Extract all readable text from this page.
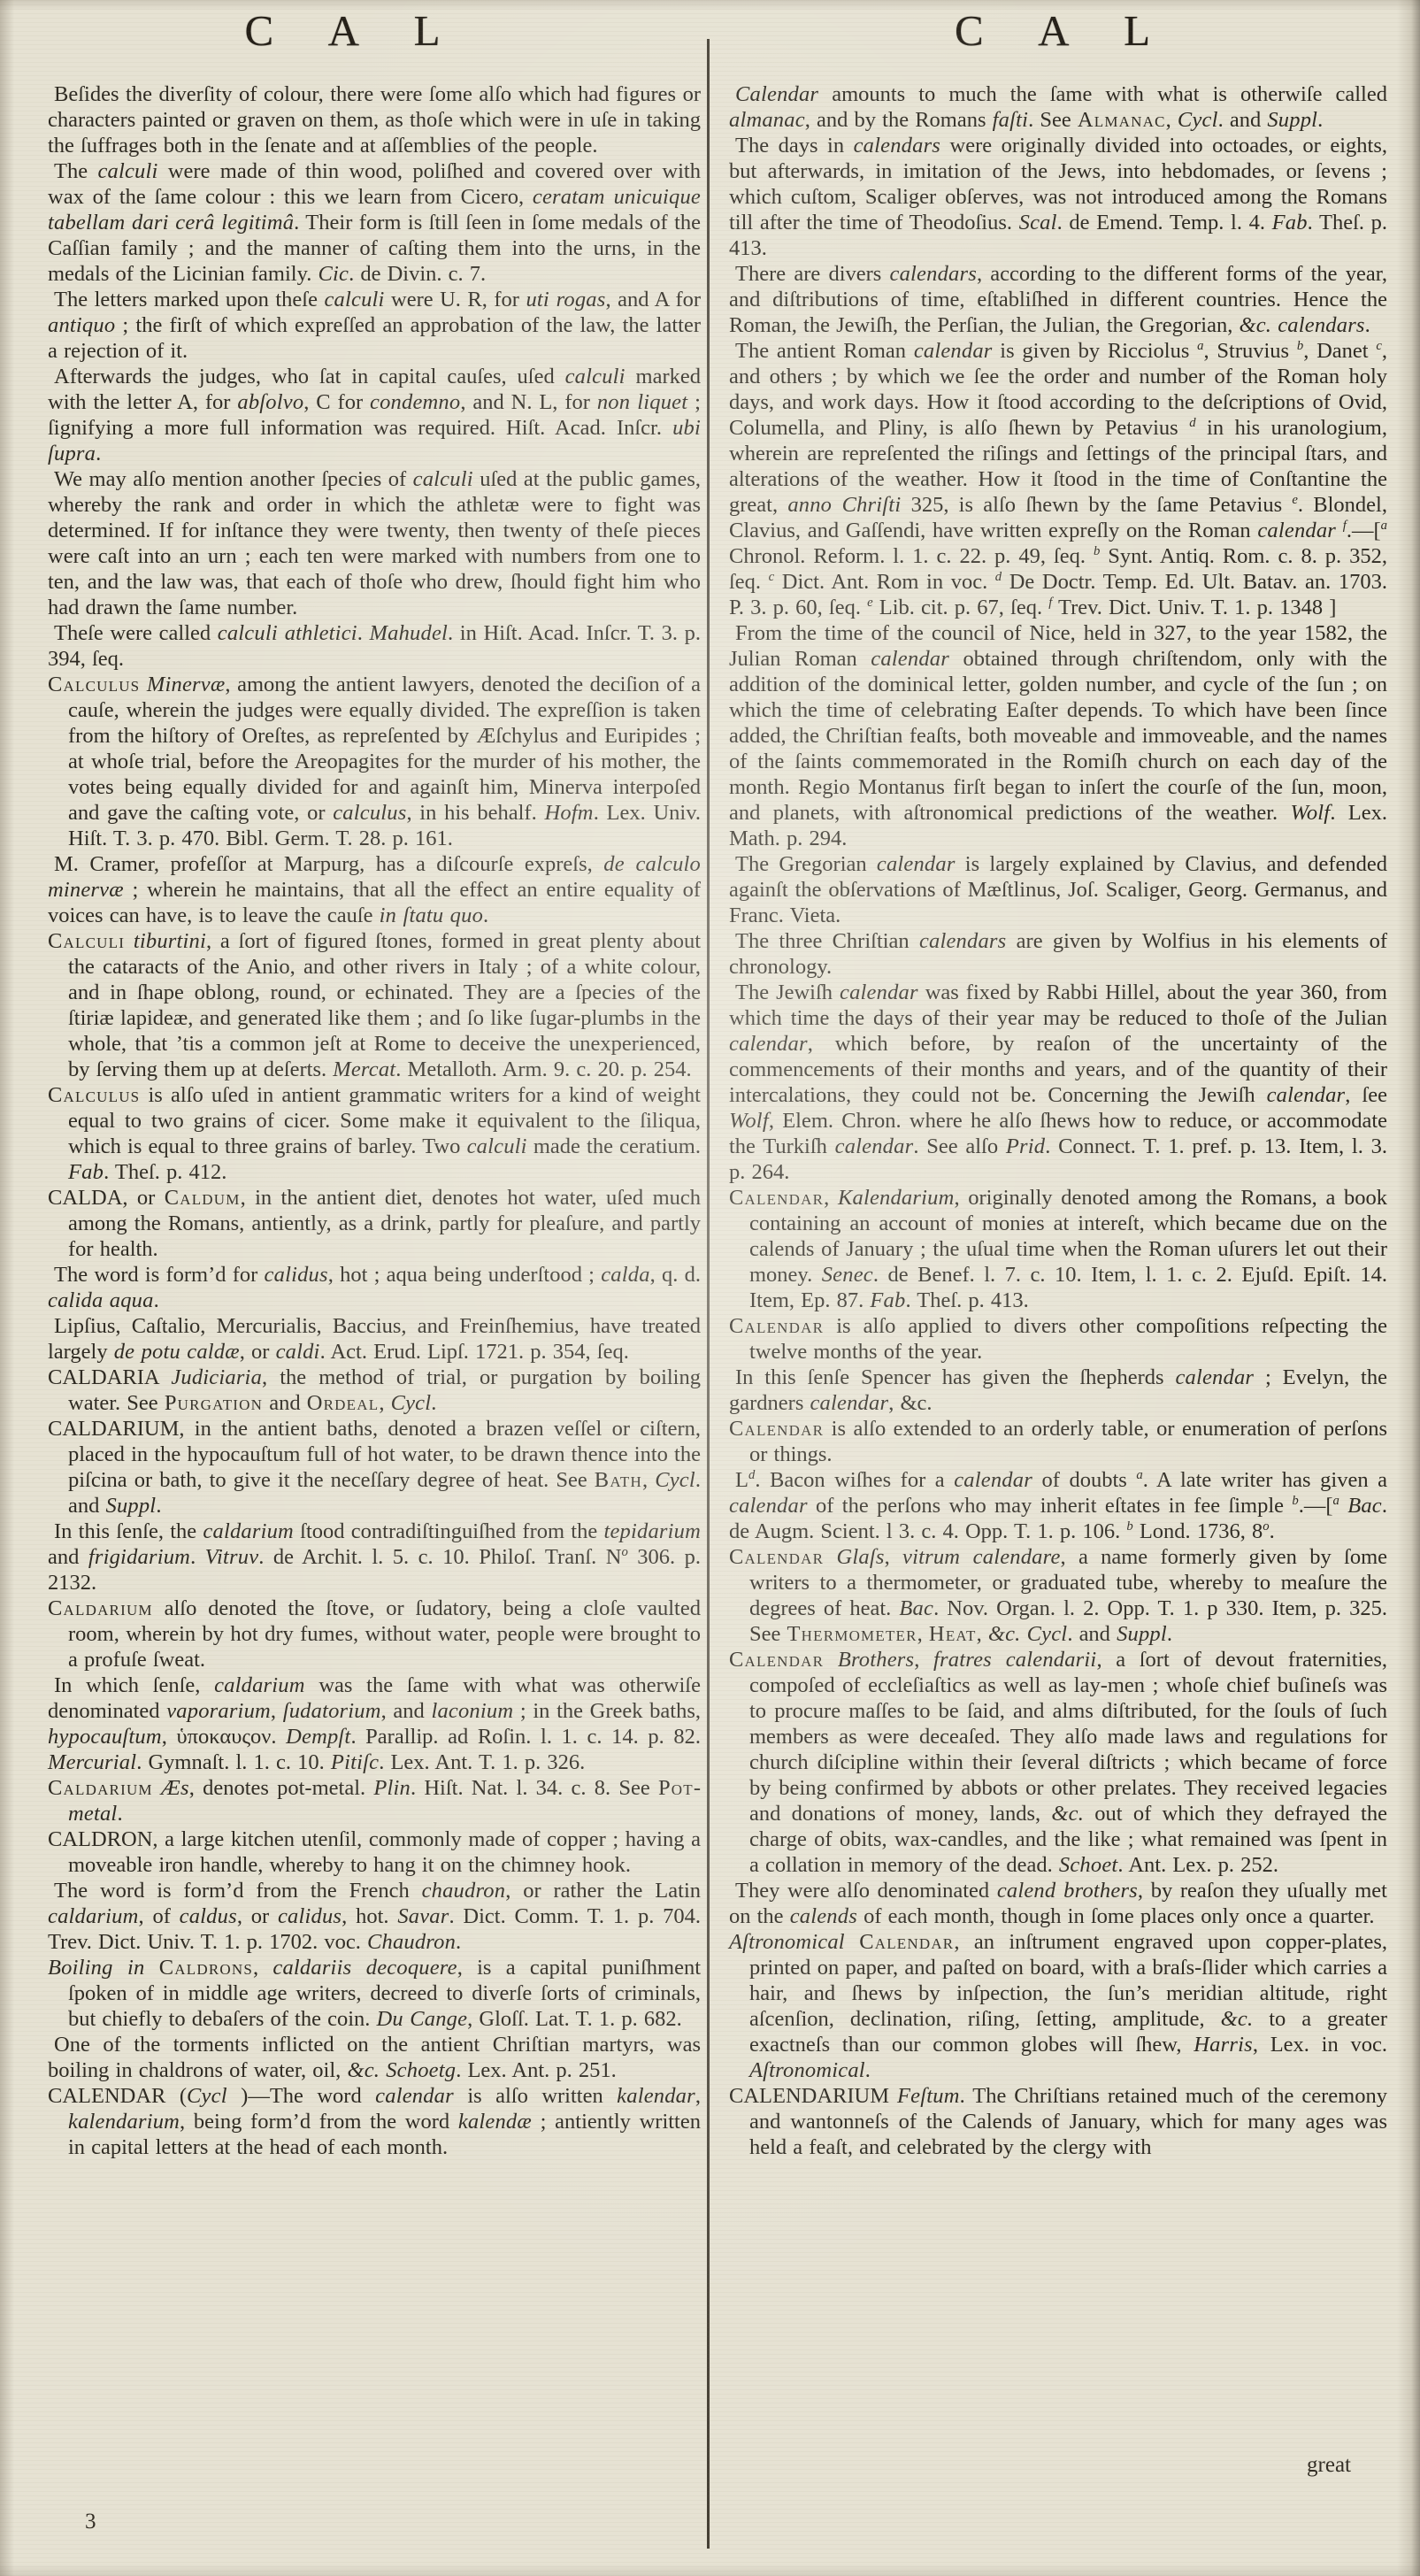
C A L	C A L

Beſides the diverſity of colour, there were ſome alſo which had figures or characters painted or graven on them, as thoſe which were in uſe in taking the ſuffrages both in the ſenate and at aſſemblies of the people.

The calculi were made of thin wood, poliſhed and covered over with wax of the ſame colour : this we learn from Cicero, ceratam unicuique tabellam dari cerâ legitimâ. Their form is ſtill ſeen in ſome medals of the Caſſian family ; and the manner of caſting them into the urns, in the medals of the Licinian family. Cic. de Divin. c. 7.

The letters marked upon theſe calculi were U. R, for uti rogas, and A for antiquo ; the firſt of which expreſſed an approbation of the law, the latter a rejection of it.

Afterwards the judges, who ſat in capital cauſes, uſed calculi marked with the letter A, for abſolvo, C for condemno, and N. L, for non liquet ; ſignifying a more full information was required. Hiſt. Acad. Inſcr. ubi ſupra.

We may alſo mention another ſpecies of calculi uſed at the public games, whereby the rank and order in which the athletæ were to fight was determined. If for inſtance they were twenty, then twenty of theſe pieces were caſt into an urn ; each ten were marked with numbers from one to ten, and the law was, that each of thoſe who drew, ſhould fight him who had drawn the ſame number.

Theſe were called calculi athletici. Mahudel. in Hiſt. Acad. Inſcr. T. 3. p. 394, ſeq.

Calculus Minervæ, among the antient lawyers, denoted the deciſion of a cauſe, wherein the judges were equally divided. The expreſſion is taken from the hiſtory of Oreſtes, as repreſented by Æſchylus and Euripides ; at whoſe trial, before the Areopagites for the murder of his mother, the votes being equally divided for and againſt him, Minerva interpoſed and gave the caſting vote, or calculus, in his behalf. Hofm. Lex. Univ. Hiſt. T. 3. p. 470. Bibl. Germ. T. 28. p. 161.

M. Cramer, profeſſor at Marpurg, has a diſcourſe expreſs, de calculo minervæ ; wherein he maintains, that all the effect an entire equality of voices can have, is to leave the cauſe in ſtatu quo.

Calculi tiburtini, a ſort of figured ſtones, formed in great plenty about the cataracts of the Anio, and other rivers in Italy ; of a white colour, and in ſhape oblong, round, or echinated. They are a ſpecies of the ſtiriæ lapideæ, and generated like them ; and ſo like ſugar-plumbs in the whole, that ’tis a common jeſt at Rome to deceive the unexperienced, by ſerving them up at deſerts. Mercat. Metalloth. Arm. 9. c. 20. p. 254.

Calculus is alſo uſed in antient grammatic writers for a kind of weight equal to two grains of cicer. Some make it equivalent to the ſiliqua, which is equal to three grains of barley. Two calculi made the ceratium. Fab. Theſ. p. 412.

CALDA, or Caldum, in the antient diet, denotes hot water, uſed much among the Romans, antiently, as a drink, partly for pleaſure, and partly for health.

The word is form’d for calidus, hot ; aqua being underſtood ; calda, q. d. calida aqua.

Lipſius, Caſtalio, Mercurialis, Baccius, and Freinſhemius, have treated largely de potu caldæ, or caldi. Act. Erud. Lipſ. 1721. p. 354, ſeq.

CALDARIA Judiciaria, the method of trial, or purgation by boiling water. See Purgation and Ordeal, Cycl.

CALDARIUM, in the antient baths, denoted a brazen veſſel or ciſtern, placed in the hypocauſtum full of hot water, to be drawn thence into the piſcina or bath, to give it the neceſſary degree of heat. See Bath, Cycl. and Suppl.

In this ſenſe, the caldarium ſtood contradiſtinguiſhed from the tepidarium and frigidarium. Vitruv. de Archit. l. 5. c. 10. Philoſ. Tranſ. $N^o$ 306. p. 2132.

Caldarium alſo denoted the ſtove, or ſudatory, being a cloſe vaulted room, wherein by hot dry fumes, without water, people were brought to a profuſe ſweat.

In which ſenſe, caldarium was the ſame with what was otherwiſe denominated vaporarium, ſudatorium, and laconium ; in the Greek baths, hypocauſtum, ὑποκαυςον. Dempſt. Parallip. ad Roſin. l. 1. c. 14. p. 82. Mercurial. Gymnaſt. l. 1. c. 10. Pitiſc. Lex. Ant. T. 1. p. 326.

Caldarium Æs, denotes pot-metal. Plin. Hiſt. Nat. l. 34. c. 8. See Pot-metal.

CALDRON, a large kitchen utenſil, commonly made of copper ; having a moveable iron handle, whereby to hang it on the chimney hook.

The word is form’d from the French chaudron, or rather the Latin caldarium, of caldus, or calidus, hot. Savar. Dict. Comm. T. 1. p. 704. Trev. Dict. Univ. T. 1. p. 1702. voc. Chaudron.

Boiling in Caldrons, caldariis decoquere, is a capital puniſhment ſpoken of in middle age writers, decreed to diverſe ſorts of criminals, but chiefly to debaſers of the coin. Du Cange, Gloſſ. Lat. T. 1. p. 682.

One of the torments inflicted on the antient Chriſtian martyrs, was boiling in chaldrons of water, oil, &c. Schoetg. Lex. Ant. p. 251.

CALENDAR (Cycl )—The word calendar is alſo written kalendar, kalendarium, being form’d from the word kalendæ ; antiently written in capital letters at the head of each month.

Calendar amounts to much the ſame with what is otherwiſe called almanac, and by the Romans faſti. See Almanac, Cycl. and Suppl.

The days in calendars were originally divided into octoades, or eights, but afterwards, in imitation of the Jews, into hebdomades, or ſevens ; which cuſtom, Scaliger obſerves, was not introduced among the Romans till after the time of Theodoſius. Scal. de Emend. Temp. l. 4. Fab. Theſ. p. 413.

There are divers calendars, according to the different forms of the year, and diſtributions of time, eſtabliſhed in different countries. Hence the Roman, the Jewiſh, the Perſian, the Julian, the Gregorian, &c. calendars.

The antient Roman calendar is given by Ricciolus $^a$, Struvius $^b$, Danet $^c$, and others ; by which we ſee the order and number of the Roman holy days, and work days. How it ſtood according to the deſcriptions of Ovid, Columella, and Pliny, is alſo ſhewn by Petavius $^d$ in his uranologium, wherein are repreſented the riſings and ſettings of the principal ſtars, and alterations of the weather. How it ſtood in the time of Conſtantine the great, anno Chriſti 325, is alſo ſhewn by the ſame Petavius $^e$. Blondel, Clavius, and Gaſſendi, have written expreſly on the Roman calendar $^f$.—[$^a$ Chronol. Reform. l. 1. c. 22. p. 49, ſeq. $^b$ Synt. Antiq. Rom. c. 8. p. 352, ſeq. $^c$ Dict. Ant. Rom in voc. $^d$ De Doctr. Temp. Ed. Ult. Batav. an. 1703. P. 3. p. 60, ſeq. $^e$ Lib. cit. p. 67, ſeq. $^f$ Trev. Dict. Univ. T. 1. p. 1348 ]

From the time of the council of Nice, held in 327, to the year 1582, the Julian Roman calendar obtained through chriſtendom, only with the addition of the dominical letter, golden number, and cycle of the ſun ; on which the time of celebrating Eaſter depends. To which have been ſince added, the Chriſtian feaſts, both moveable and immoveable, and the names of the ſaints commemorated in the Romiſh church on each day of the month. Regio Montanus firſt began to inſert the courſe of the ſun, moon, and planets, with aſtronomical predictions of the weather. Wolf. Lex. Math. p. 294.

The Gregorian calendar is largely explained by Clavius, and defended againſt the obſervations of Mæſtlinus, Joſ. Scaliger, Georg. Germanus, and Franc. Vieta.

The three Chriſtian calendars are given by Wolfius in his elements of chronology.

The Jewiſh calendar was fixed by Rabbi Hillel, about the year 360, from which time the days of their year may be reduced to thoſe of the Julian calendar, which before, by reaſon of the uncertainty of the commencements of their months and years, and of the quantity of their intercalations, they could not be. Concerning the Jewiſh calendar, ſee Wolf, Elem. Chron. where he alſo ſhews how to reduce, or accommodate the Turkiſh calendar. See alſo Prid. Connect. T. 1. pref. p. 13. Item, l. 3. p. 264.

Calendar, Kalendarium, originally denoted among the Romans, a book containing an account of monies at intereſt, which became due on the calends of January ; the uſual time when the Roman uſurers let out their money. Senec. de Benef. l. 7. c. 10. Item, l. 1. c. 2. Ejuſd. Epiſt. 14. Item, Ep. 87. Fab. Theſ. p. 413.

Calendar is alſo applied to divers other compoſitions reſpecting the twelve months of the year.

In this ſenſe Spencer has given the ſhepherds calendar ; Evelyn, the gardners calendar, &c.

Calendar is alſo extended to an orderly table, or enumeration of perſons or things.

$L^d$. Bacon wiſhes for a calendar of doubts $^a$. A late writer has given a calendar of the perſons who may inherit eſtates in fee ſimple $^b$.—[$^a$ Bac. de Augm. Scient. l 3. c. 4. Opp. T. 1. p. 106. $^b$ Lond. 1736, 8$^o$.

Calendar Glaſs, vitrum calendare, a name formerly given by ſome writers to a thermometer, or graduated tube, whereby to meaſure the degrees of heat. Bac. Nov. Organ. l. 2. Opp. T. 1. p 330. Item, p. 325. See Thermometer, Heat, &c. Cycl. and Suppl.

Calendar Brothers, fratres calendarii, a ſort of devout fraternities, compoſed of eccleſiaſtics as well as lay-men ; whoſe chief buſineſs was to procure maſſes to be ſaid, and alms diſtributed, for the ſouls of ſuch members as were deceaſed. They alſo made laws and regulations for church diſcipline within their ſeveral diſtricts ; which became of force by being confirmed by abbots or other prelates. They received legacies and donations of money, lands, &c. out of which they defrayed the charge of obits, wax-candles, and the like ; what remained was ſpent in a collation in memory of the dead. Schoet. Ant. Lex. p. 252.

They were alſo denominated calend brothers, by reaſon they uſually met on the calends of each month, though in ſome places only once a quarter.

Aſtronomical Calendar, an inſtrument engraved upon copper-plates, printed on paper, and paſted on board, with a braſs-ſlider which carries a hair, and ſhews by inſpection, the ſun’s meridian altitude, right aſcenſion, declination, riſing, ſetting, amplitude, &c. to a greater exactneſs than our common globes will ſhew, Harris, Lex. in voc. Aſtronomical.

CALENDARIUM Feſtum. The Chriſtians retained much of the ceremony and wantonneſs of the Calends of January, which for many ages was held a feaſt, and celebrated by the clergy with

3
great
